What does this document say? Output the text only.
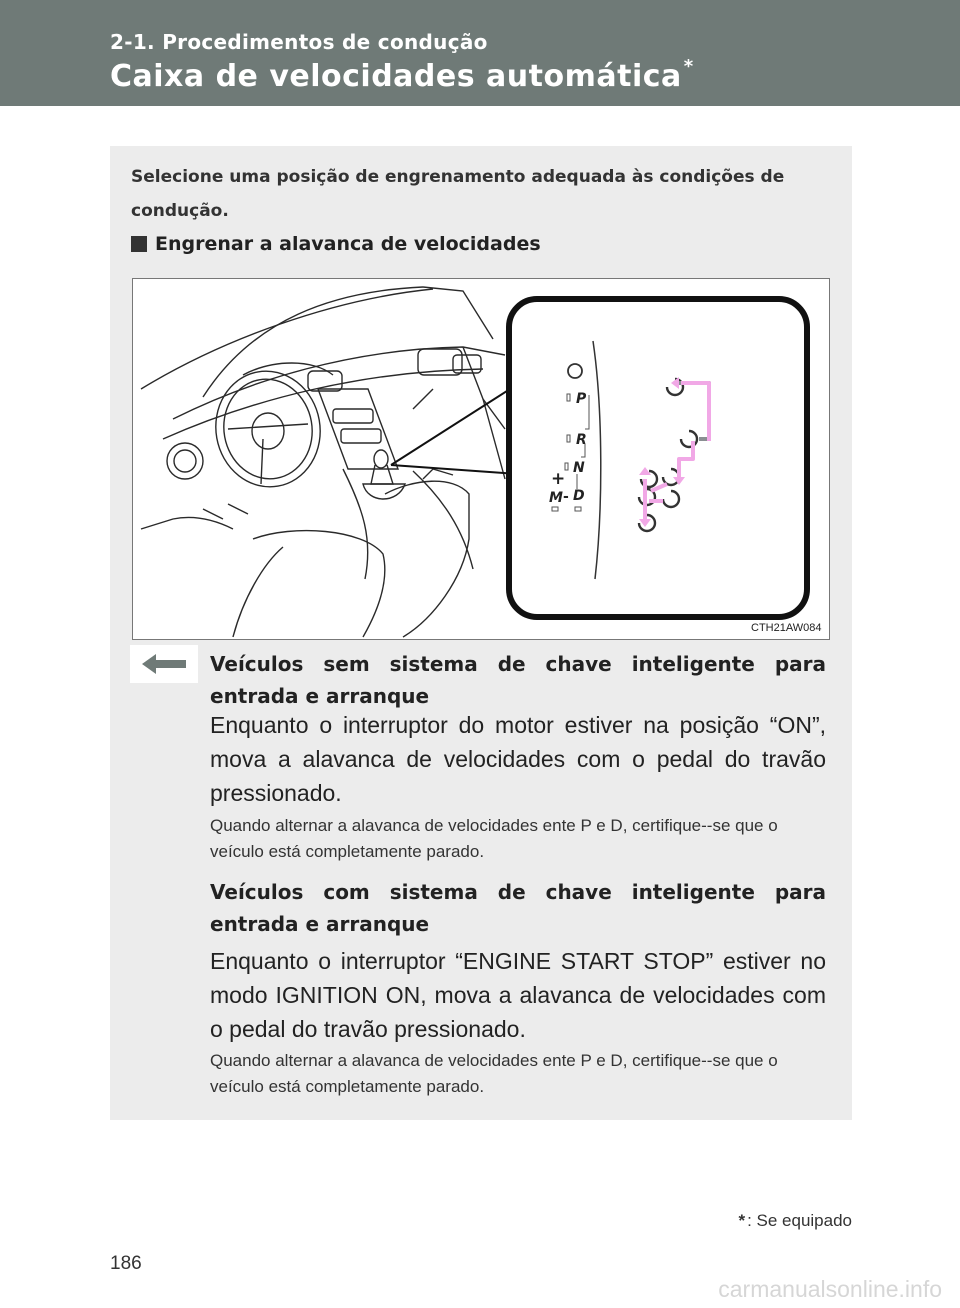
2-1. Procedimentos de condução
Caixa de velocidades automática *
Selecione uma posição de engrenamento adequada às condições de condução.
Engrenar a alavanca de velocidades
P
R
N
D
+
M -
CTH21AW084
Veículos sem sistema de chave inteligente para entrada e arranque
Enquanto o interruptor do motor estiver na posição “ON”, mova a alavanca de velocidades com o pedal do travão pressionado.
Quando alternar a alavanca de velocidades ente P e D, certifique--se que o veículo está completamente parado.
Veículos com sistema de chave inteligente para entrada e arranque
Enquanto o interruptor “ENGINE START STOP” estiver no modo IGNITION ON, mova a alavanca de velocidades com o pedal do travão pressionado.
Quando alternar a alavanca de velocidades ente P e D, certifique--se que o veículo está completamente parado.
* : Se equipado
186
carmanualsonline.info
